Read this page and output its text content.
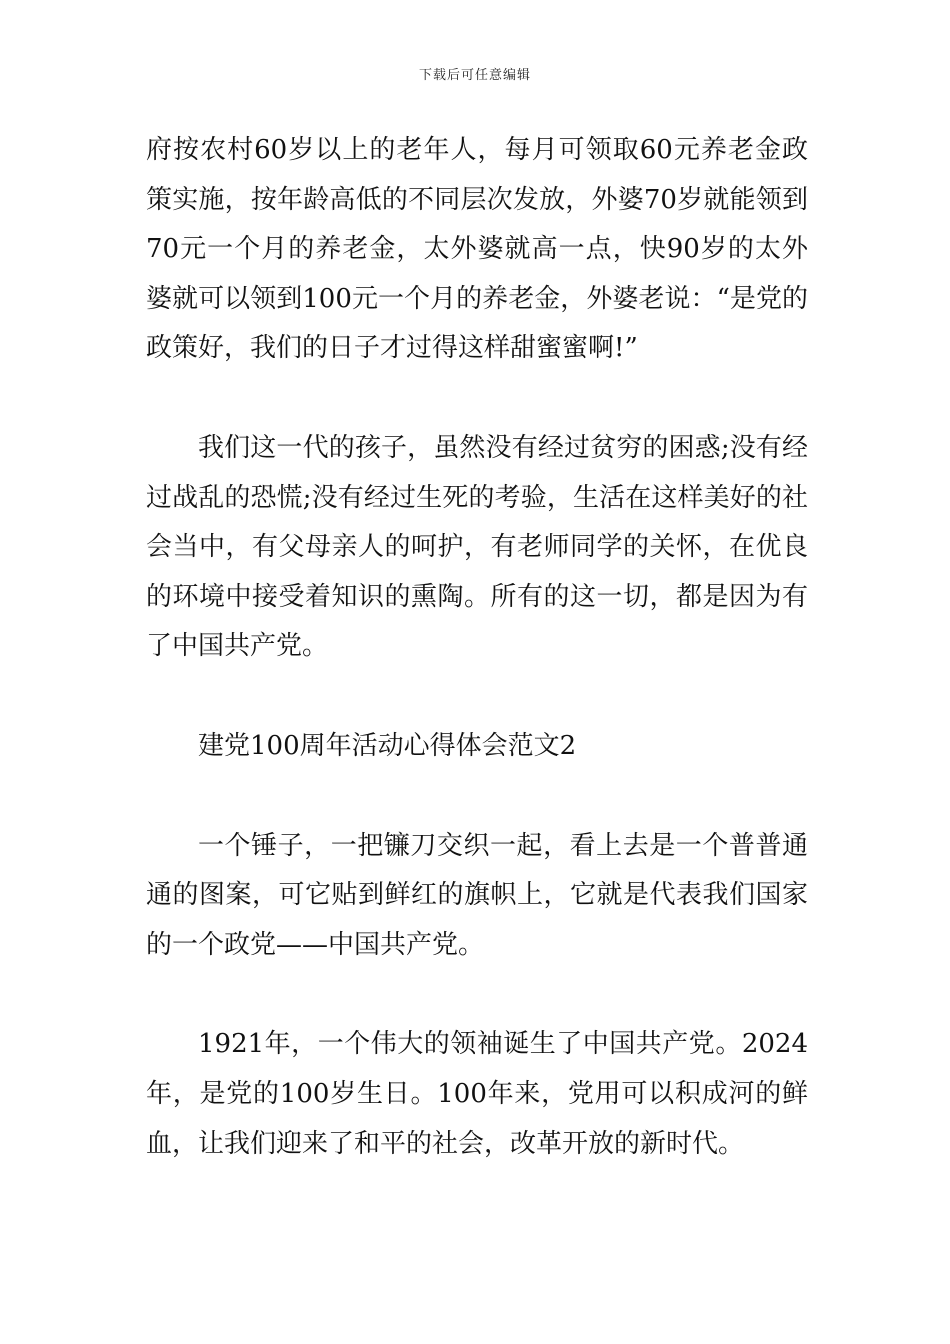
下载后可任意编辑

府按农村60岁以上的老年人，每月可领取60元养老金政策实施，按年龄高低的不同层次发放，外婆70岁就能领到70元一个月的养老金，太外婆就高一点，快90岁的太外婆就可以领到100元一个月的养老金，外婆老说：“是党的政策好，我们的日子才过得这样甜蜜蜜啊!”

我们这一代的孩子，虽然没有经过贫穷的困惑;没有经过战乱的恐慌;没有经过生死的考验，生活在这样美好的社会当中，有父母亲人的呵护，有老师同学的关怀，在优良的环境中接受着知识的熏陶。所有的这一切，都是因为有了中国共产党。

建党100周年活动心得体会范文2

一个锤子，一把镰刀交织一起，看上去是一个普普通通的图案，可它贴到鲜红的旗帜上，它就是代表我们国家的一个政党——中国共产党。

1921年，一个伟大的领袖诞生了中国共产党。2024年，是党的100岁生日。100年来，党用可以积成河的鲜血，让我们迎来了和平的社会，改革开放的新时代。
